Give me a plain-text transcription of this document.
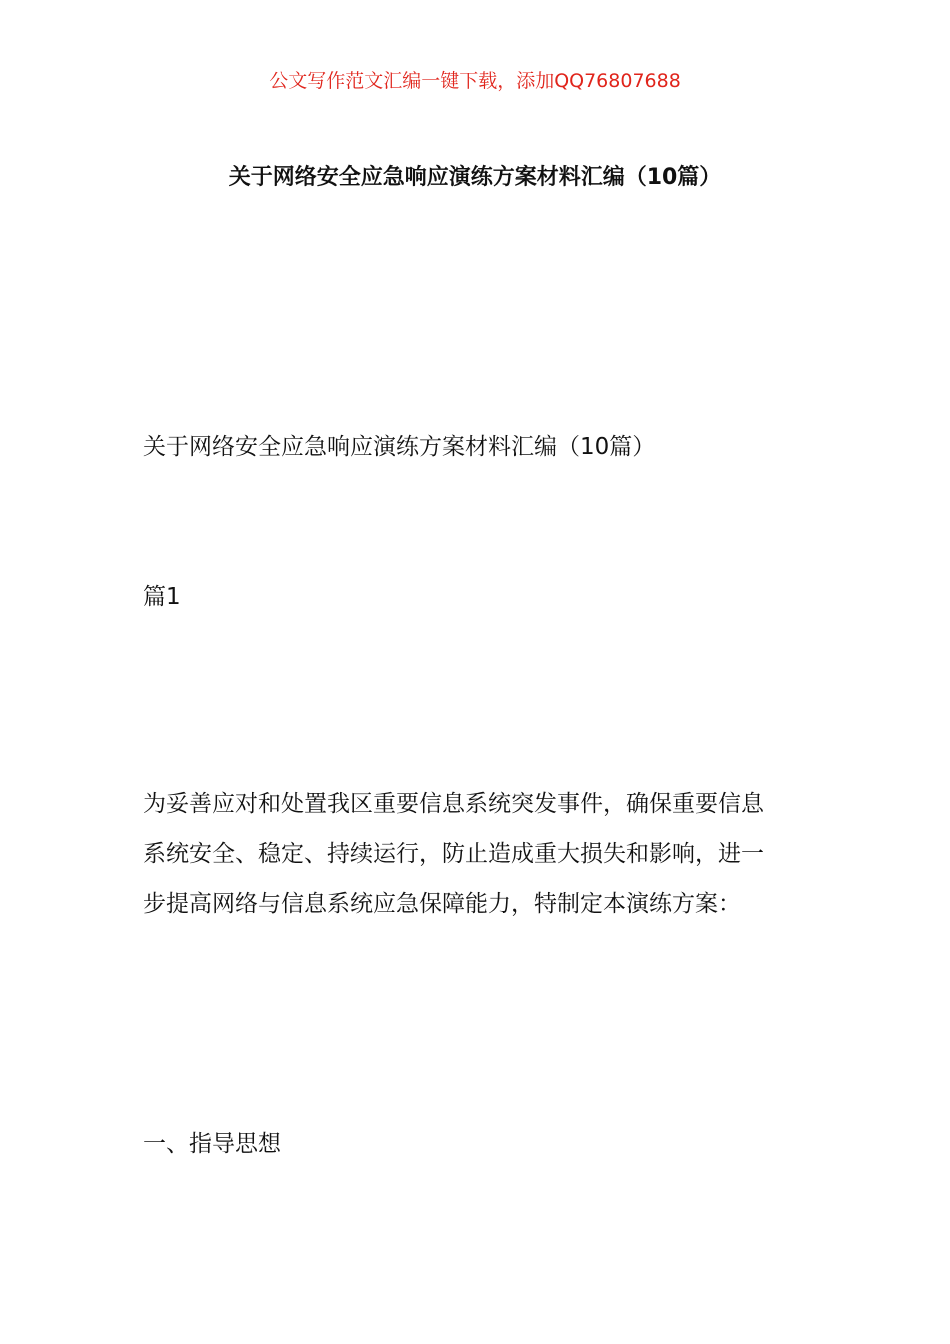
公文写作范文汇编一键下载，添加QQ76807688
关于网络安全应急响应演练方案材料汇编（10篇）
关于网络安全应急响应演练方案材料汇编（10篇）
篇1
为妥善应对和处置我区重要信息系统突发事件，确保重要信息
系统安全、稳定、持续运行，防止造成重大损失和影响，进一
步提高网络与信息系统应急保障能力，特制定本演练方案：
一、指导思想
